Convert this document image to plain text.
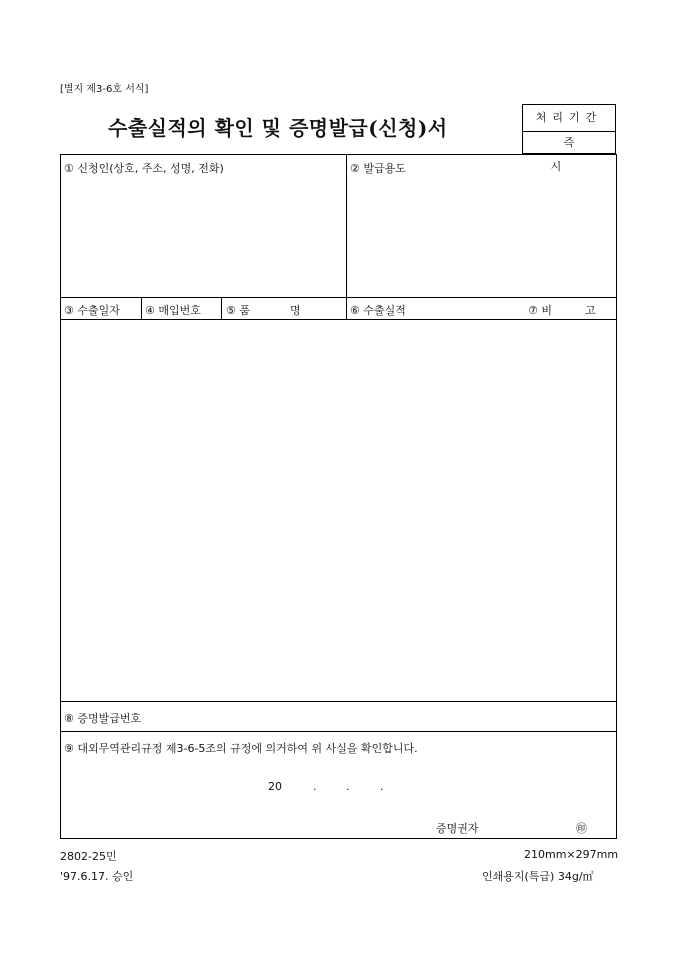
[별지 제3-6호 서식]
수출실적의 확인 및 증명발급(신청)서	처리기간
즉시
① 신청인(상호, 주소, 성명, 전화)	② 발급용도
③ 수출일자 ④ 매입번호 ⑤ 품	명	⑥ 수출실적	⑦ 비	고
⑧ 증명발급번호
⑨ 대외무역관리규정 제3-6-5조의 규정에 의거하여 위 사실을 확인합니다.
20	.	.	.
증명권자	㊞
2802-25민	210mm×297mm
'97.6.17. 승인	인쇄용지(특급) 34g/㎡
